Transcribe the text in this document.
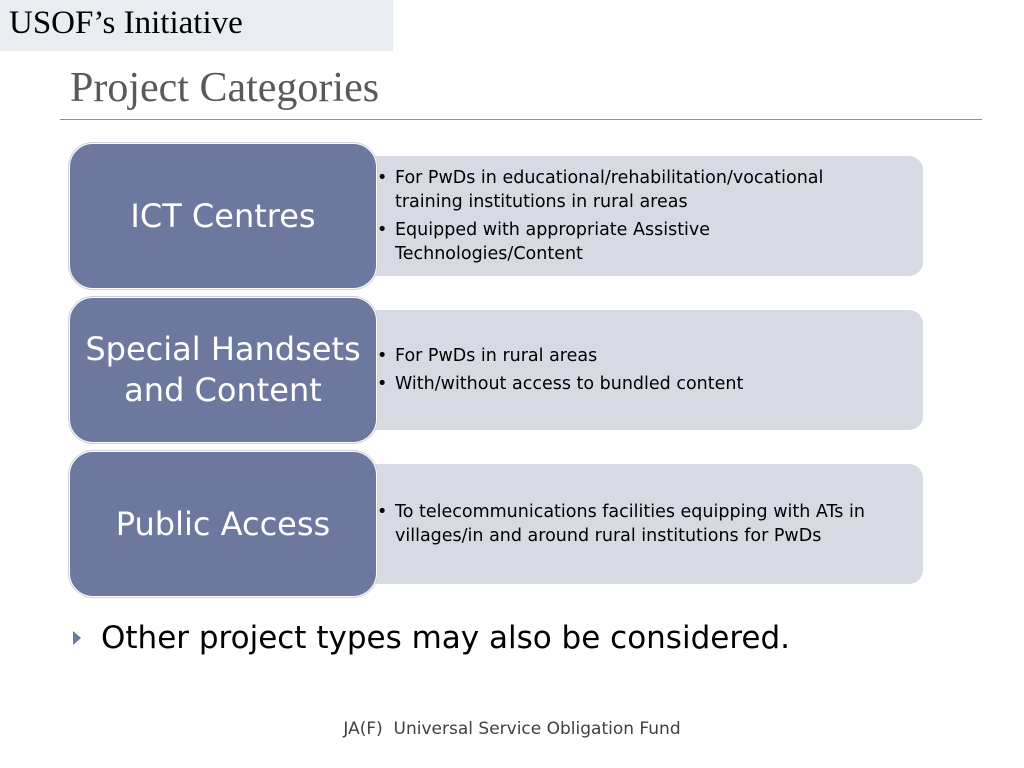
USOF’s Initiative
Project Categories
• For PwDs in educational/rehabilitation/vocational training institutions in rural areas
• Equipped with appropriate Assistive Technologies/Content
ICT Centres
• For PwDs in rural areas
• With/without access to bundled content
Special Handsets and Content
• To telecommunications facilities equipping with ATs in villages/in and around rural institutions for PwDs
Public Access
Other project types may also be considered.
JA(F)  Universal Service Obligation Fund
